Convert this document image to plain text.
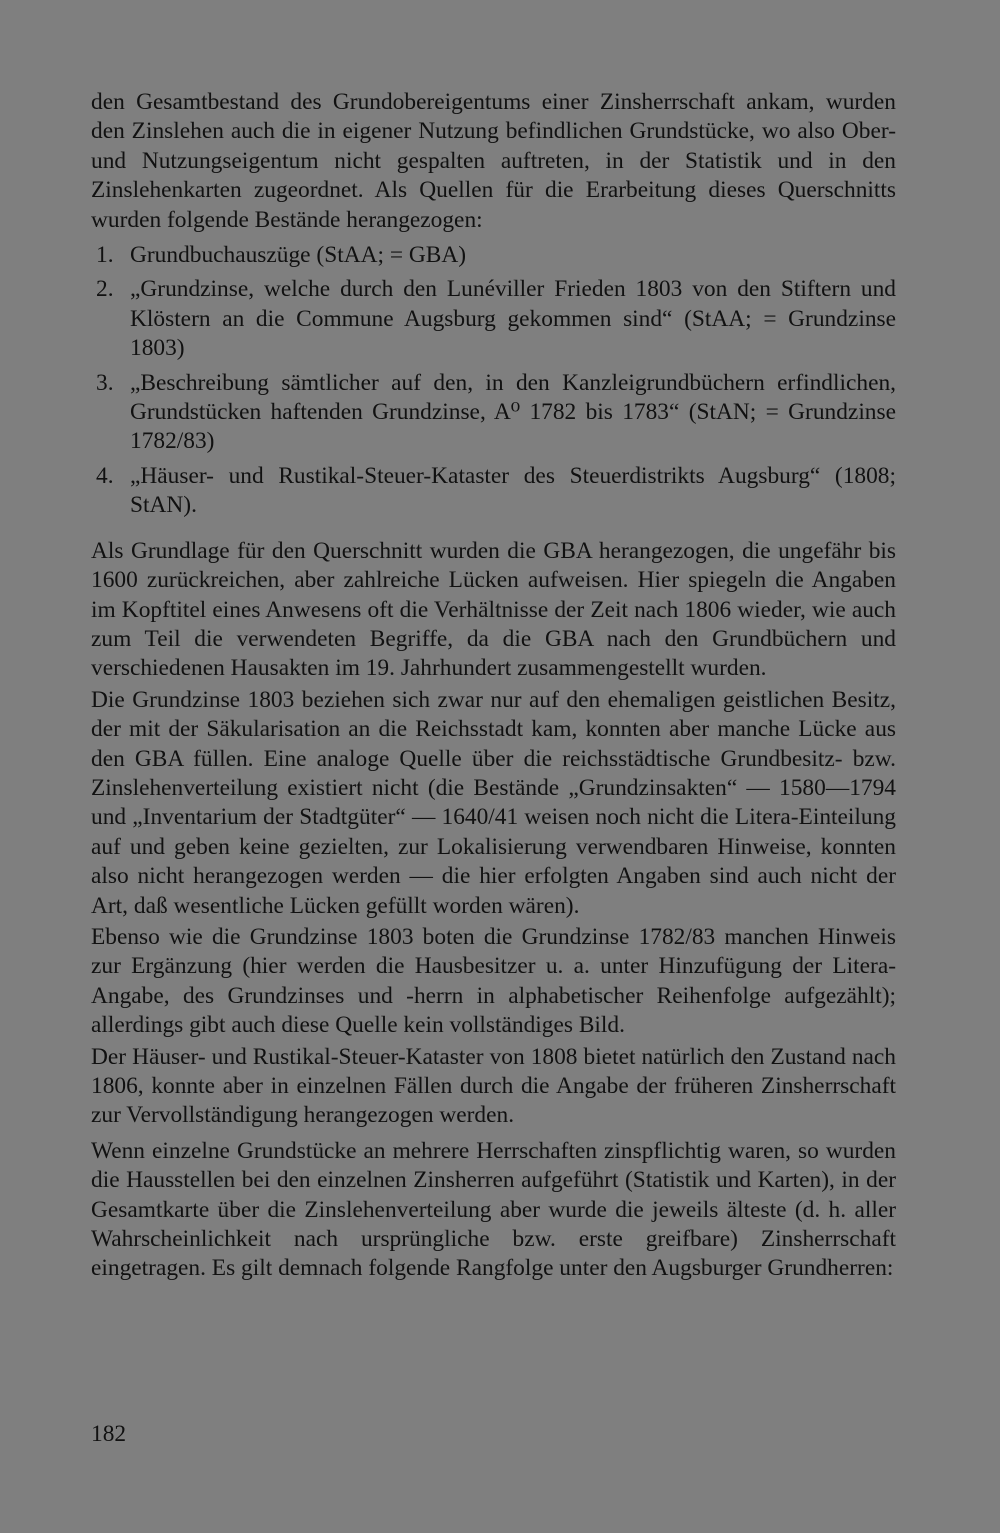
den Gesamtbestand des Grundobereigentums einer Zinsherrschaft ankam, wurden den Zinslehen auch die in eigener Nutzung befindlichen Grundstücke, wo also Ober- und Nutzungseigentum nicht gespalten auftreten, in der Statistik und in den Zinslehenkarten zugeordnet. Als Quellen für die Erarbeitung dieses Querschnitts wurden folgende Bestände herangezogen:

1. Grundbuchauszüge (StAA; = GBA)
2. „Grundzinse, welche durch den Lunéviller Frieden 1803 von den Stiftern und Klöstern an die Commune Augsburg gekommen sind“ (StAA; = Grundzinse 1803)
3. „Beschreibung sämtlicher auf den, in den Kanzleigrundbüchern erfindlichen, Grundstücken haftenden Grundzinse, A⁰ 1782 bis 1783“ (StAN; = Grundzinse 1782/83)
4. „Häuser- und Rustikal-Steuer-Kataster des Steuerdistrikts Augsburg“ (1808; StAN).

Als Grundlage für den Querschnitt wurden die GBA herangezogen, die ungefähr bis 1600 zurückreichen, aber zahlreiche Lücken aufweisen. Hier spiegeln die Angaben im Kopftitel eines Anwesens oft die Verhältnisse der Zeit nach 1806 wieder, wie auch zum Teil die verwendeten Begriffe, da die GBA nach den Grundbüchern und verschiedenen Hausakten im 19. Jahrhundert zusammengestellt wurden.

Die Grundzinse 1803 beziehen sich zwar nur auf den ehemaligen geistlichen Besitz, der mit der Säkularisation an die Reichsstadt kam, konnten aber manche Lücke aus den GBA füllen. Eine analoge Quelle über die reichsstädtische Grundbesitz- bzw. Zinslehenverteilung existiert nicht (die Bestände „Grundzinsakten“ — 1580—1794 und „Inventarium der Stadtgüter“ — 1640/41 weisen noch nicht die Litera-Einteilung auf und geben keine gezielten, zur Lokalisierung verwendbaren Hinweise, konnten also nicht herangezogen werden — die hier erfolgten Angaben sind auch nicht der Art, daß wesentliche Lücken gefüllt worden wären).

Ebenso wie die Grundzinse 1803 boten die Grundzinse 1782/83 manchen Hinweis zur Ergänzung (hier werden die Hausbesitzer u. a. unter Hinzufügung der Litera-Angabe, des Grundzinses und -herrn in alphabetischer Reihenfolge aufgezählt); allerdings gibt auch diese Quelle kein vollständiges Bild.

Der Häuser- und Rustikal-Steuer-Kataster von 1808 bietet natürlich den Zustand nach 1806, konnte aber in einzelnen Fällen durch die Angabe der früheren Zinsherrschaft zur Vervollständigung herangezogen werden.

Wenn einzelne Grundstücke an mehrere Herrschaften zinspflichtig waren, so wurden die Hausstellen bei den einzelnen Zinsherren aufgeführt (Statistik und Karten), in der Gesamtkarte über die Zinslehenverteilung aber wurde die jeweils älteste (d. h. aller Wahrscheinlichkeit nach ursprüngliche bzw. erste greifbare) Zinsherrschaft eingetragen. Es gilt demnach folgende Rangfolge unter den Augsburger Grundherren:

182
